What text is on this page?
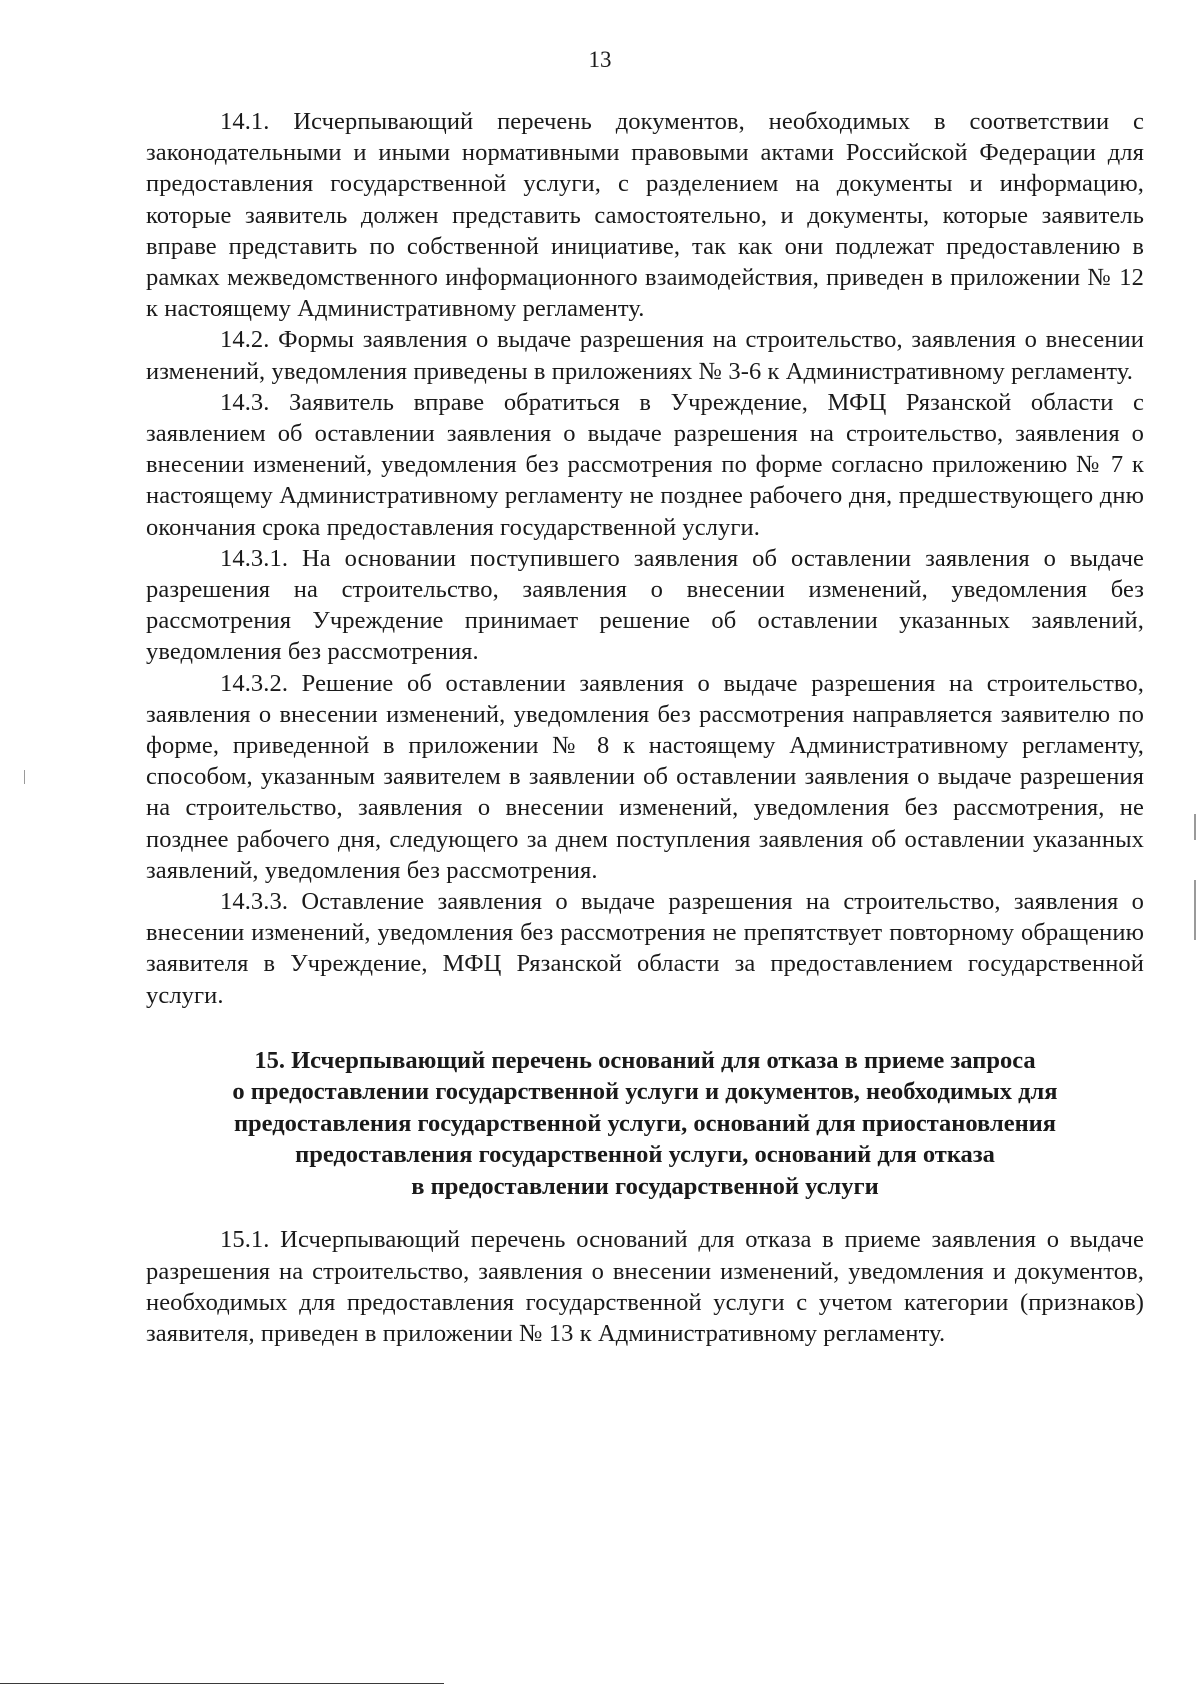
13

14.1. Исчерпывающий перечень документов, необходимых в соответствии с законодательными и иными нормативными правовыми актами Российской Федерации для предоставления государственной услуги, с разделением на документы и информацию, которые заявитель должен представить самостоятельно, и документы, которые заявитель вправе представить по собственной инициативе, так как они подлежат предоставлению в рамках межведомственного информационного взаимодействия, приведен в приложении № 12 к настоящему Административному регламенту.

14.2. Формы заявления о выдаче разрешения на строительство, заявления о внесении изменений, уведомления приведены в приложениях № 3-6 к Административному регламенту.

14.3. Заявитель вправе обратиться в Учреждение, МФЦ Рязанской области с заявлением об оставлении заявления о выдаче разрешения на строительство, заявления о внесении изменений, уведомления без рассмотрения по форме согласно приложению № 7 к настоящему Административному регламенту не позднее рабочего дня, предшествующего дню окончания срока предоставления государственной услуги.

14.3.1. На основании поступившего заявления об оставлении заявления о выдаче разрешения на строительство, заявления о внесении изменений, уведомления без рассмотрения Учреждение принимает решение об оставлении указанных заявлений, уведомления без рассмотрения.

14.3.2. Решение об оставлении заявления о выдаче разрешения на строительство, заявления о внесении изменений, уведомления без рассмотрения направляется заявителю по форме, приведенной в приложении № 8 к настоящему Административному регламенту, способом, указанным заявителем в заявлении об оставлении заявления о выдаче разрешения на строительство, заявления о внесении изменений, уведомления без рассмотрения, не позднее рабочего дня, следующего за днем поступления заявления об оставлении указанных заявлений, уведомления без рассмотрения.

14.3.3. Оставление заявления о выдаче разрешения на строительство, заявления о внесении изменений, уведомления без рассмотрения не препятствует повторному обращению заявителя в Учреждение, МФЦ Рязанской области за предоставлением государственной услуги.

15. Исчерпывающий перечень оснований для отказа в приеме запроса
о предоставлении государственной услуги и документов, необходимых для
предоставления государственной услуги, оснований для приостановления
предоставления государственной услуги, оснований для отказа
в предоставлении государственной услуги

15.1. Исчерпывающий перечень оснований для отказа в приеме заявления о выдаче разрешения на строительство, заявления о внесении изменений, уведомления и документов, необходимых для предоставления государственной услуги с учетом категории (признаков) заявителя, приведен в приложении № 13 к Административному регламенту.
